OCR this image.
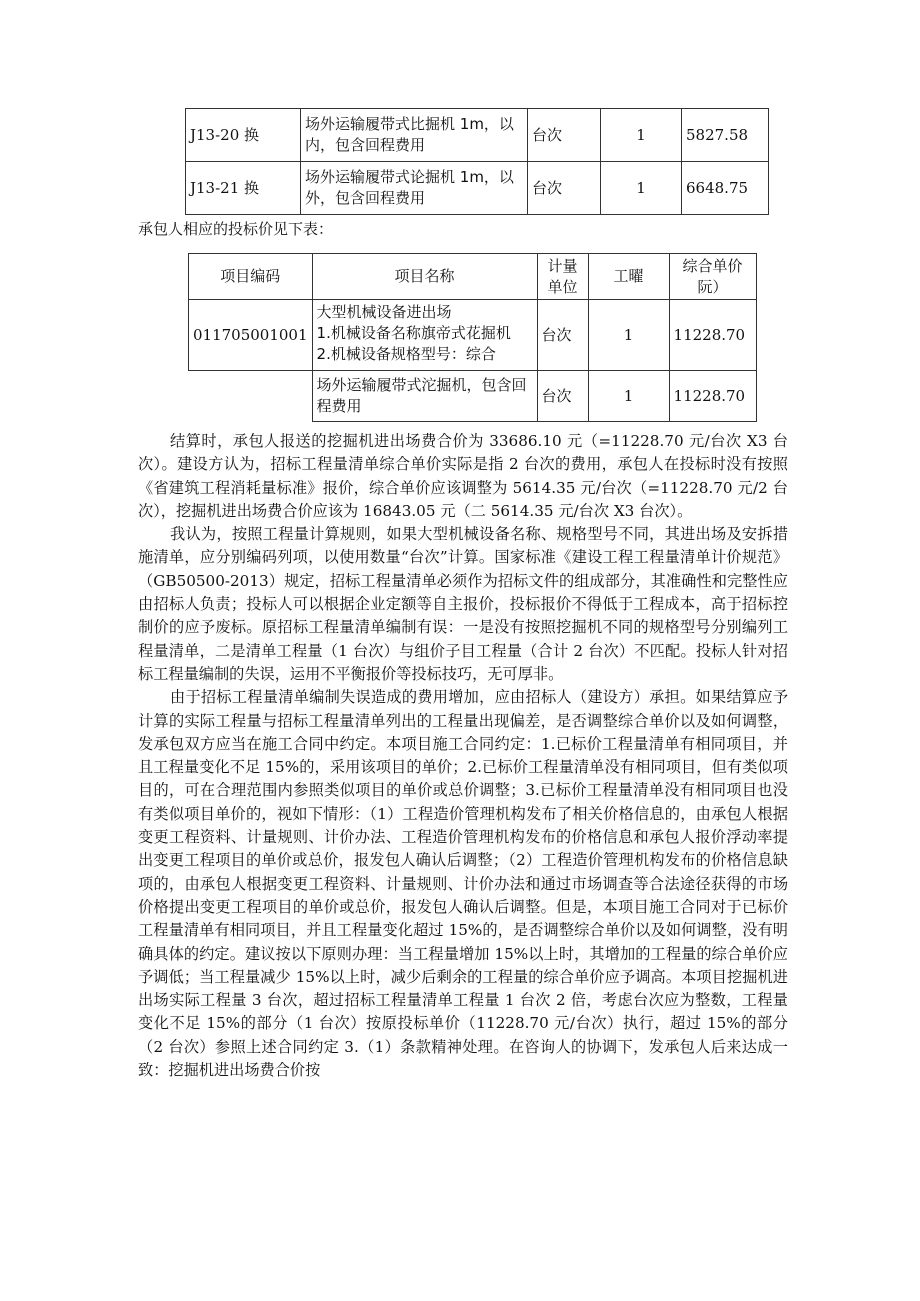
J13-20 换	场外运输履带式比掘机 1m，以内，包含回程费用	台次	1	5827.58
J13-21 换	场外运输履带式论掘机 1m，以外，包含回程费用	台次	1	6648.75
承包人相应的投标价见下表：
项目编码	项目名称	计量单位	工曜	综合单价阮）
011705001001	大型机械设备进出场
1.机械设备名称旗帝式花掘机
2.机械设备规格型号：综合	台次	1	11228.70
	场外运输履带式沱掘机，包含回程费用	台次	1	11228.70

结算时，承包人报送的挖掘机进出场费合价为 33686.10 元（=11228.70 元/台次 X3 台次）。建设方认为，招标工程量清单综合单价实际是指 2 台次的费用，承包人在投标时没有按照《省建筑工程消耗量标准》报价，综合单价应该调整为 5614.35 元/台次（=11228.70 元/2 台次），挖掘机进出场费合价应该为 16843.05 元（二 5614.35 元/台次 X3 台次）。

我认为，按照工程量计算规则，如果大型机械设备名称、规格型号不同，其进出场及安拆措施清单，应分别编码列项，以使用数量“台次”计算。国家标准《建设工程工程量清单计价规范》（GB50500-2013）规定，招标工程量清单必须作为招标文件的组成部分，其准确性和完整性应由招标人负责；投标人可以根据企业定额等自主报价，投标报价不得低于工程成本，高于招标控制价的应予废标。原招标工程量清单编制有误：一是没有按照挖掘机不同的规格型号分别编列工程量清单，二是清单工程量（1 台次）与组价子目工程量（合计 2 台次）不匹配。投标人针对招标工程量编制的失误，运用不平衡报价等投标技巧，无可厚非。

由于招标工程量清单编制失误造成的费用增加，应由招标人（建设方）承担。如果结算应予计算的实际工程量与招标工程量清单列出的工程量出现偏差，是否调整综合单价以及如何调整，发承包双方应当在施工合同中约定。本项目施工合同约定：1.已标价工程量清单有相同项目，并且工程量变化不足 15%的，采用该项目的单价；2.已标价工程量清单没有相同项目，但有类似项目的，可在合理范围内参照类似项目的单价或总价调整；3.已标价工程量清单没有相同项目也没有类似项目单价的，视如下情形：（1）工程造价管理机构发布了相关价格信息的，由承包人根据变更工程资料、计量规则、计价办法、工程造价管理机构发布的价格信息和承包人报价浮动率提出变更工程项目的单价或总价，报发包人确认后调整；（2）工程造价管理机构发布的价格信息缺项的，由承包人根据变更工程资料、计量规则、计价办法和通过市场调查等合法途径获得的市场价格提出变更工程项目的单价或总价，报发包人确认后调整。但是，本项目施工合同对于已标价工程量清单有相同项目，并且工程量变化超过 15%的，是否调整综合单价以及如何调整，没有明确具体的约定。建议按以下原则办理：当工程量增加 15%以上时，其增加的工程量的综合单价应予调低；当工程量减少 15%以上时，减少后剩余的工程量的综合单价应予调高。本项目挖掘机进出场实际工程量 3 台次，超过招标工程量清单工程量 1 台次 2 倍，考虑台次应为整数，工程量变化不足 15%的部分（1 台次）按原投标单价（11228.70 元/台次）执行，超过 15%的部分（2 台次）参照上述合同约定 3.（1）条款精神处理。在咨询人的协调下，发承包人后来达成一致：挖掘机进出场费合价按
